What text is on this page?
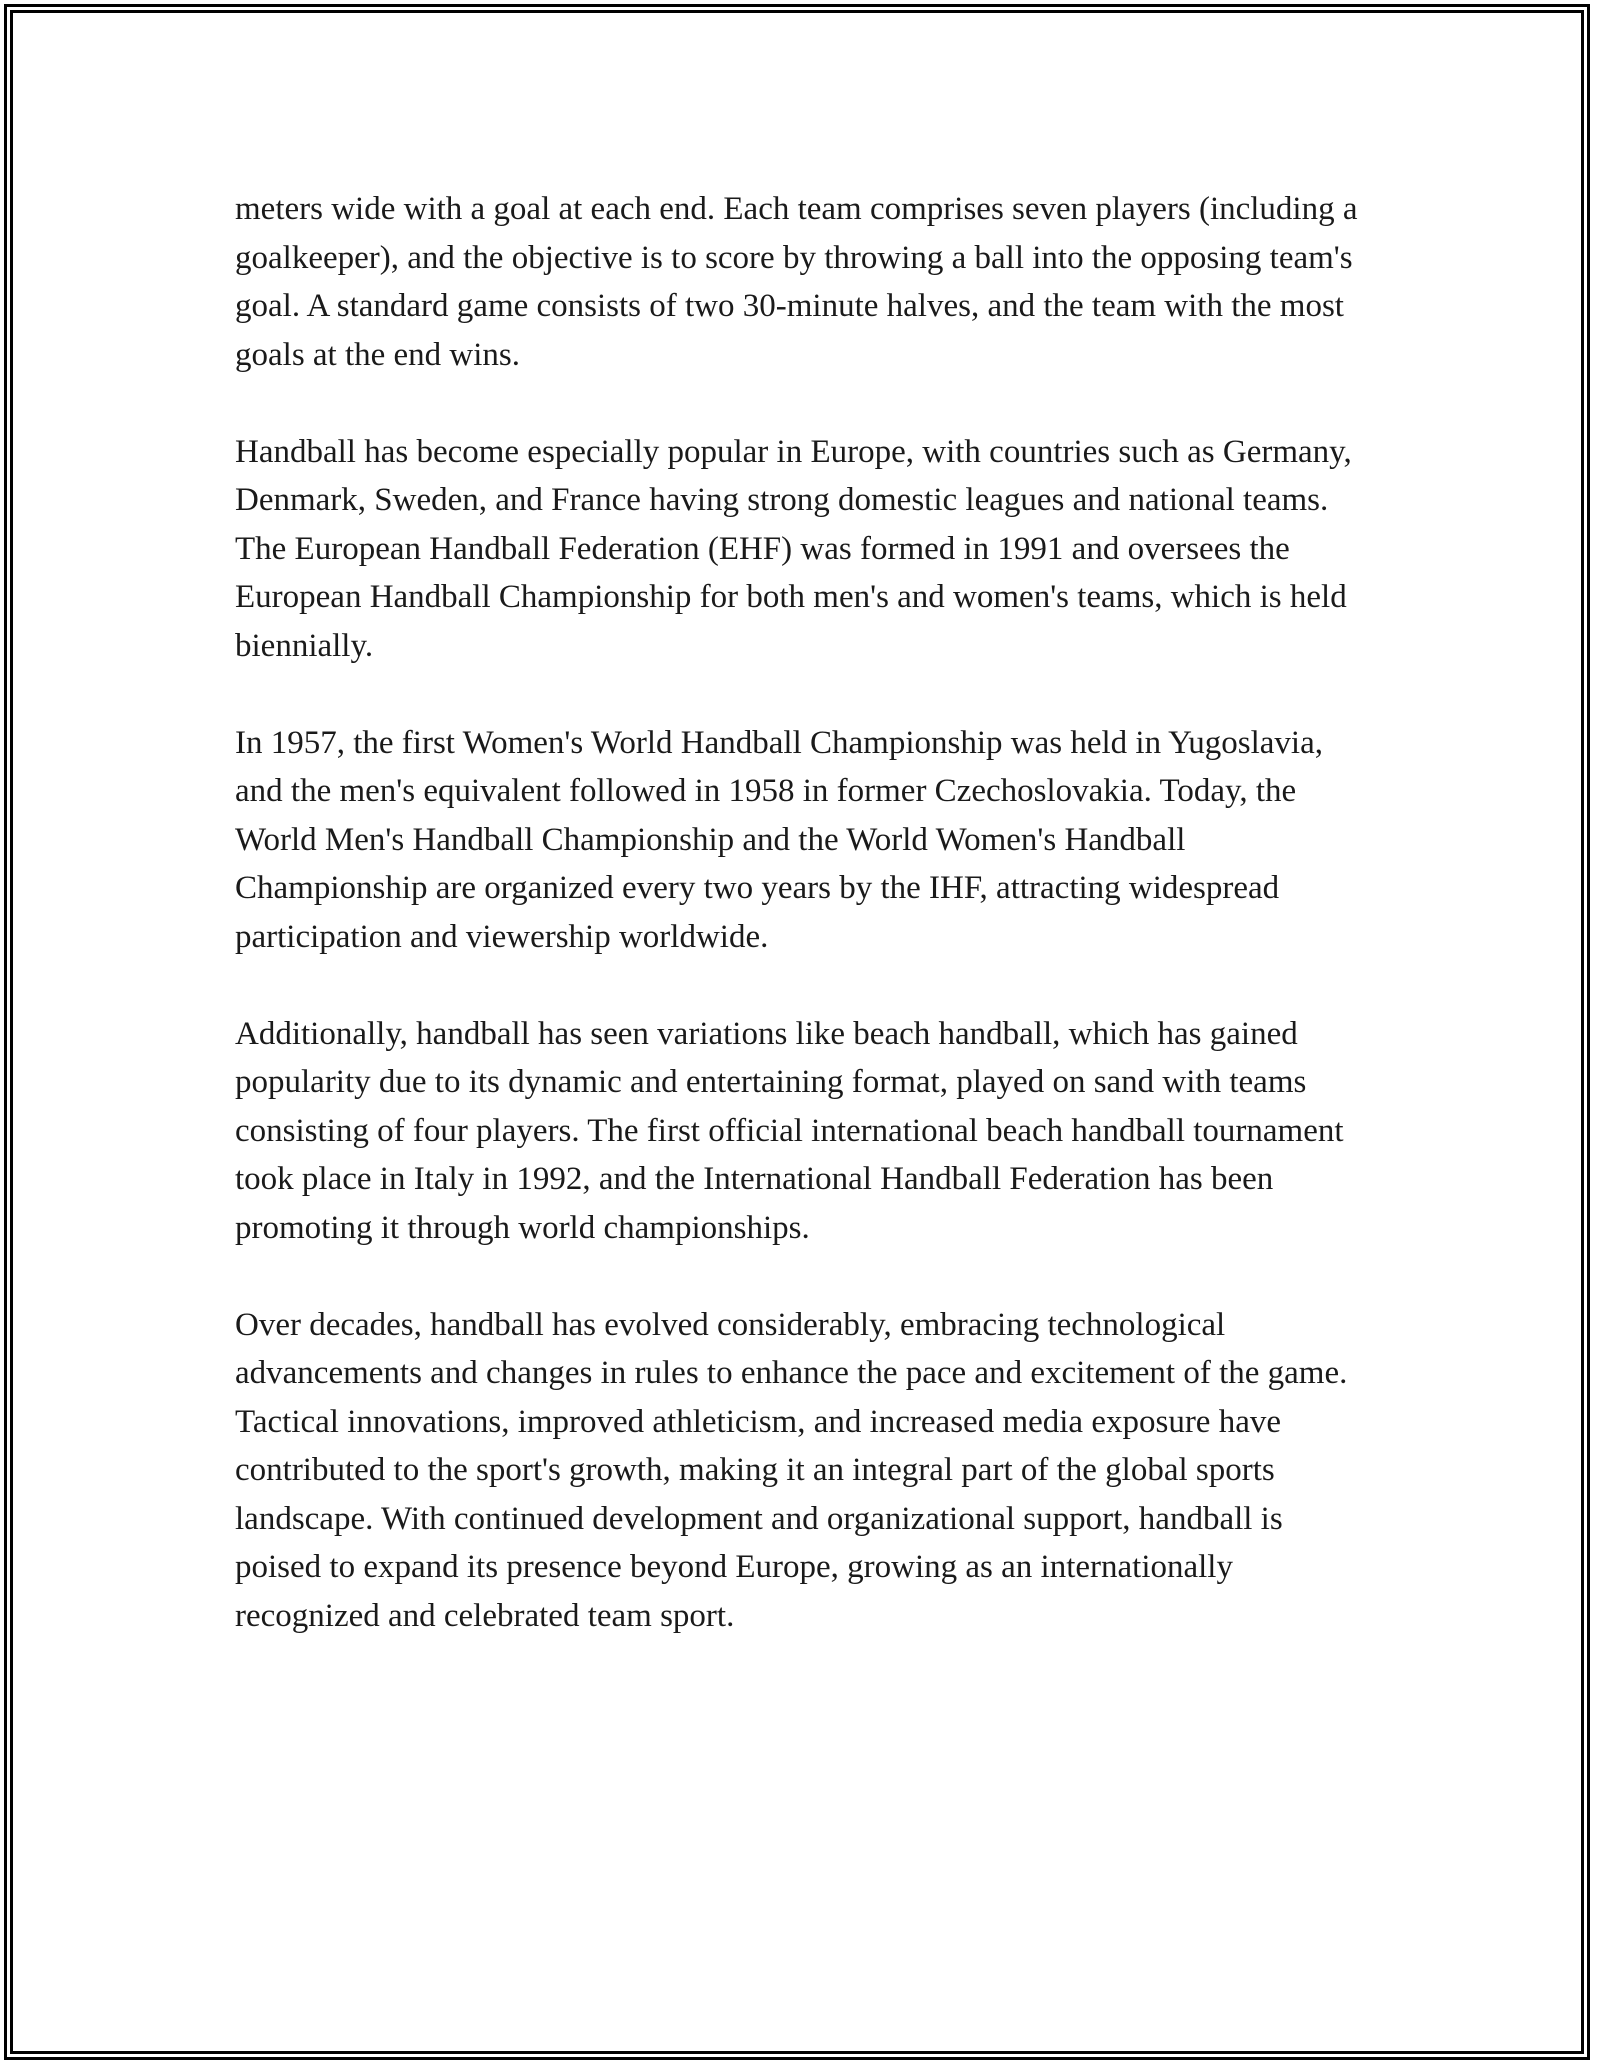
meters wide with a goal at each end. Each team comprises seven players (including a goalkeeper), and the objective is to score by throwing a ball into the opposing team's goal. A standard game consists of two 30-minute halves, and the team with the most goals at the end wins.

Handball has become especially popular in Europe, with countries such as Germany, Denmark, Sweden, and France having strong domestic leagues and national teams. The European Handball Federation (EHF) was formed in 1991 and oversees the European Handball Championship for both men's and women's teams, which is held biennially.

In 1957, the first Women's World Handball Championship was held in Yugoslavia, and the men's equivalent followed in 1958 in former Czechoslovakia. Today, the World Men's Handball Championship and the World Women's Handball Championship are organized every two years by the IHF, attracting widespread participation and viewership worldwide.

Additionally, handball has seen variations like beach handball, which has gained popularity due to its dynamic and entertaining format, played on sand with teams consisting of four players. The first official international beach handball tournament took place in Italy in 1992, and the International Handball Federation has been promoting it through world championships.

Over decades, handball has evolved considerably, embracing technological advancements and changes in rules to enhance the pace and excitement of the game. Tactical innovations, improved athleticism, and increased media exposure have contributed to the sport's growth, making it an integral part of the global sports landscape. With continued development and organizational support, handball is poised to expand its presence beyond Europe, growing as an internationally recognized and celebrated team sport.
